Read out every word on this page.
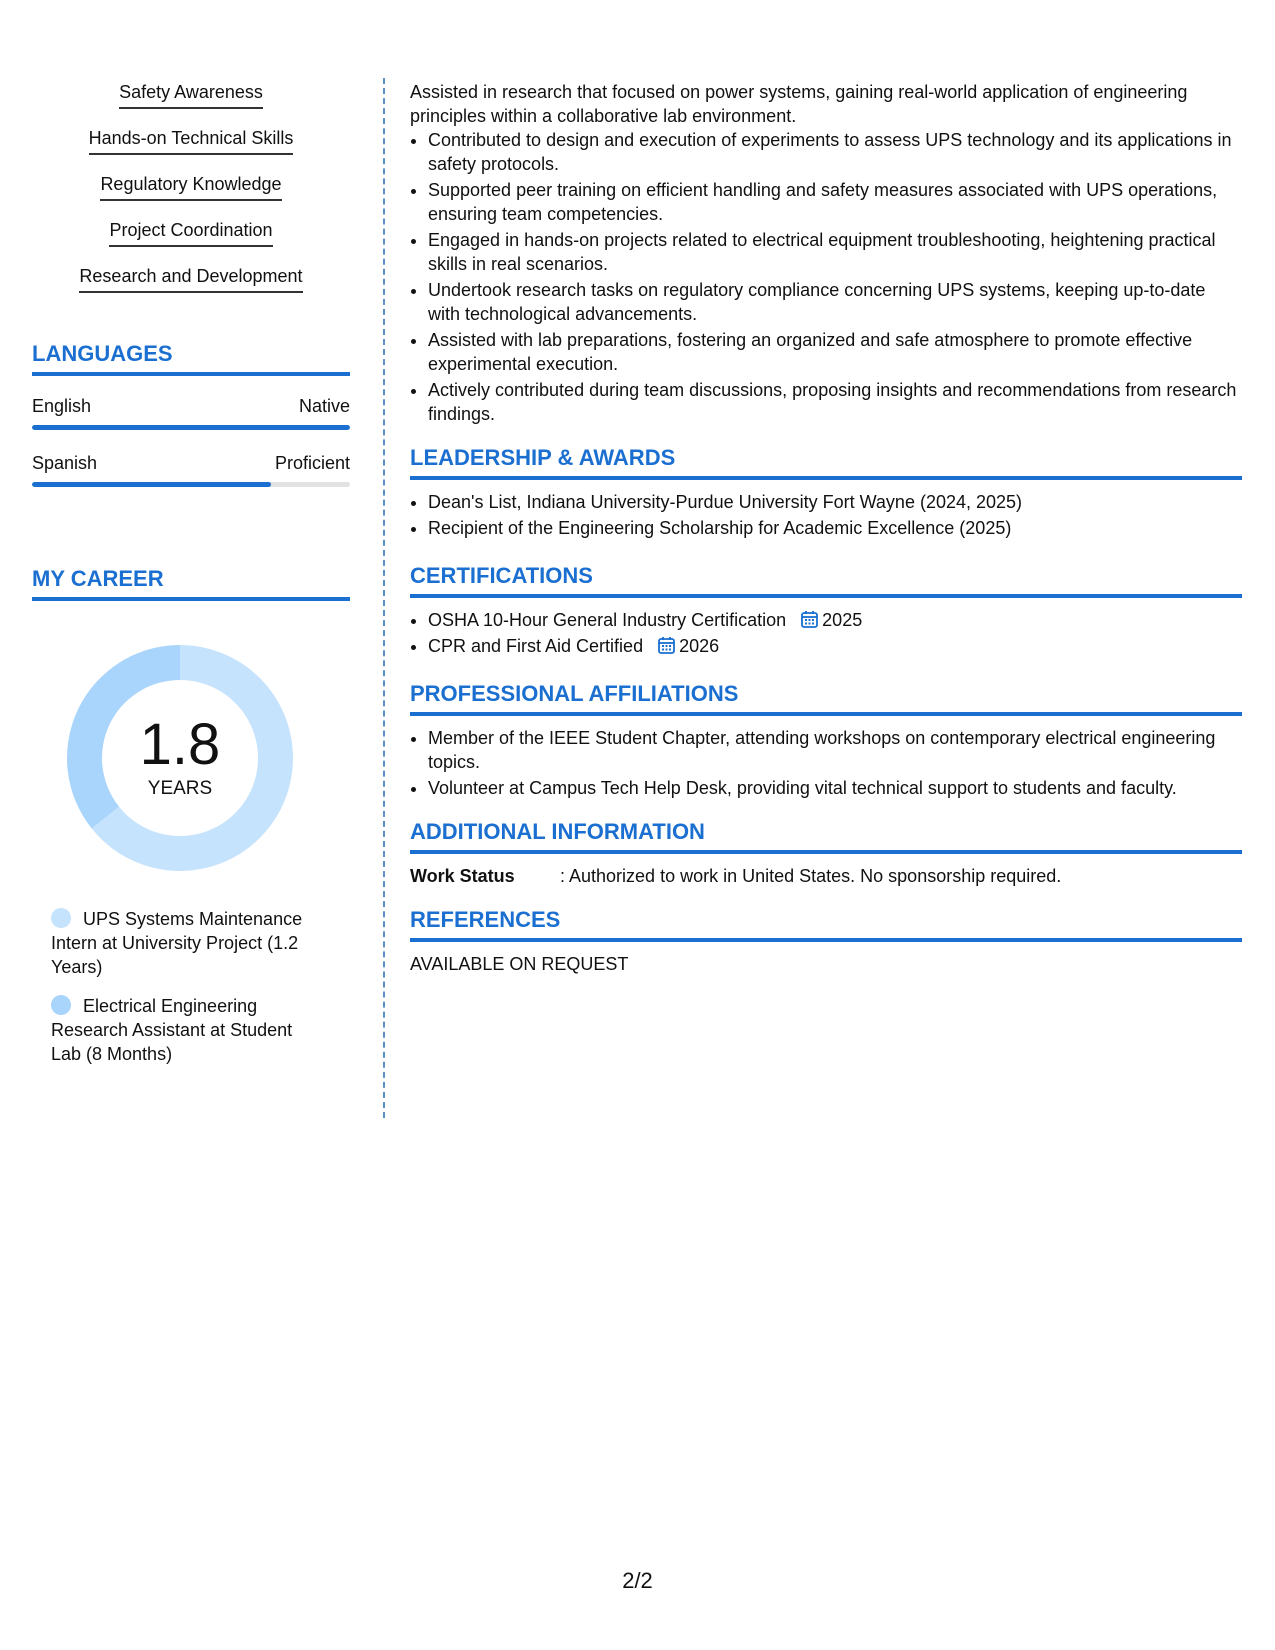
Safety Awareness
Hands-on Technical Skills
Regulatory Knowledge
Project Coordination
Research and Development
LANGUAGES
English	Native
Spanish	Proficient
MY CAREER
1.8
YEARS
UPS Systems Maintenance Intern at University Project (1.2 Years)
Electrical Engineering Research Assistant at Student Lab (8 Months)
Assisted in research that focused on power systems, gaining real-world application of engineering principles within a collaborative lab environment.
• Contributed to design and execution of experiments to assess UPS technology and its applications in safety protocols.
• Supported peer training on efficient handling and safety measures associated with UPS operations, ensuring team competencies.
• Engaged in hands-on projects related to electrical equipment troubleshooting, heightening practical skills in real scenarios.
• Undertook research tasks on regulatory compliance concerning UPS systems, keeping up-to-date with technological advancements.
• Assisted with lab preparations, fostering an organized and safe atmosphere to promote effective experimental execution.
• Actively contributed during team discussions, proposing insights and recommendations from research findings.
LEADERSHIP & AWARDS
• Dean's List, Indiana University-Purdue University Fort Wayne (2024, 2025)
• Recipient of the Engineering Scholarship for Academic Excellence (2025)
CERTIFICATIONS
• OSHA 10-Hour General Industry Certification 2025
• CPR and First Aid Certified 2026
PROFESSIONAL AFFILIATIONS
• Member of the IEEE Student Chapter, attending workshops on contemporary electrical engineering topics.
• Volunteer at Campus Tech Help Desk, providing vital technical support to students and faculty.
ADDITIONAL INFORMATION
Work Status	: Authorized to work in United States. No sponsorship required.
REFERENCES
AVAILABLE ON REQUEST
2/2
